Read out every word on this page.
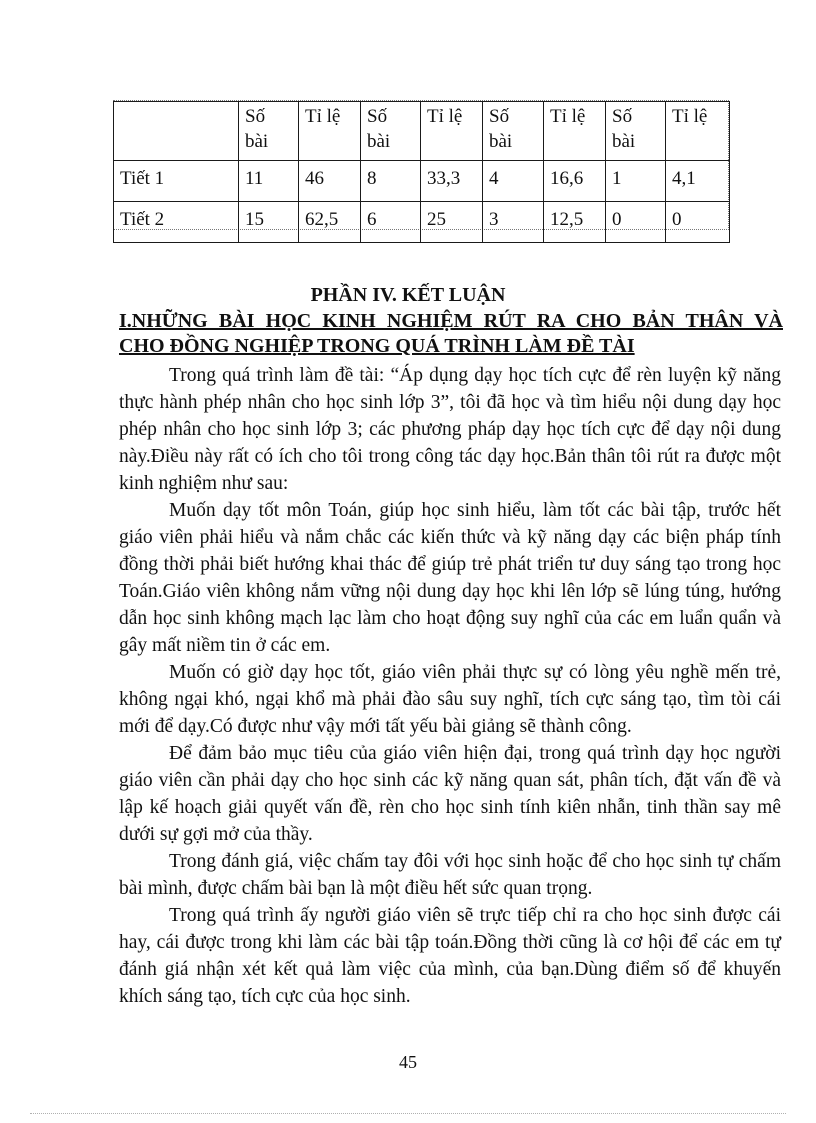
	Số bài	Tỉ lệ	Số bài	Tỉ lệ	Số bài	Tỉ lệ	Số bài	Tỉ lệ
Tiết 1	11	46	8	33,3	4	16,6	1	4,1
Tiết 2	15	62,5	6	25	3	12,5	0	0
PHẦN IV. KẾT LUẬN
I.NHỮNG BÀI HỌC KINH NGHIỆM RÚT RA CHO BẢN THÂN VÀ
CHO ĐỒNG NGHIỆP TRONG QUÁ TRÌNH LÀM ĐỀ TÀI

Trong quá trình làm đề tài: “Áp dụng dạy học tích cực để rèn luyện kỹ năng thực hành phép nhân cho học sinh lớp 3”, tôi đã học và tìm hiểu nội dung dạy học phép nhân cho học sinh lớp 3; các phương pháp dạy học tích cực để dạy nội dung này.Điều này rất có ích cho tôi trong công tác dạy học.Bản thân tôi rút ra được một kinh nghiệm như sau:

Muốn dạy tốt môn Toán, giúp học sinh hiểu, làm tốt các bài tập, trước hết giáo viên phải hiểu và nắm chắc các kiến thức và kỹ năng dạy các biện pháp tính đồng thời phải biết hướng khai thác để giúp trẻ phát triển tư duy sáng tạo trong học Toán.Giáo viên không nắm vững nội dung dạy học khi lên lớp sẽ lúng túng, hướng dẫn học sinh không mạch lạc làm cho hoạt động suy nghĩ của các em luẩn quẩn và gây mất niềm tin ở các em.

Muốn có giờ dạy học tốt, giáo viên phải thực sự có lòng yêu nghề mến trẻ, không ngại khó, ngại khổ mà phải đào sâu suy nghĩ, tích cực sáng tạo, tìm tòi cái mới để dạy.Có được như vậy mới tất yếu bài giảng sẽ thành công.

Để đảm bảo mục tiêu của giáo viên hiện đại, trong quá trình dạy học người giáo viên cần phải dạy cho học sinh các kỹ năng quan sát, phân tích, đặt vấn đề và lập kế hoạch giải quyết vấn đề, rèn cho học sinh tính kiên nhẫn, tinh thần say mê dưới sự gợi mở của thầy.

Trong đánh giá, việc chấm tay đôi với học sinh hoặc để cho học sinh tự chấm bài mình, được chấm bài bạn là một điều hết sức quan trọng.

Trong quá trình ấy người giáo viên sẽ trực tiếp chỉ ra cho học sinh được cái hay, cái được trong khi làm các bài tập toán.Đồng thời cũng là cơ hội để các em tự đánh giá nhận xét kết quả làm việc của mình, của bạn.Dùng điểm số để khuyến khích sáng tạo, tích cực của học sinh.

45
